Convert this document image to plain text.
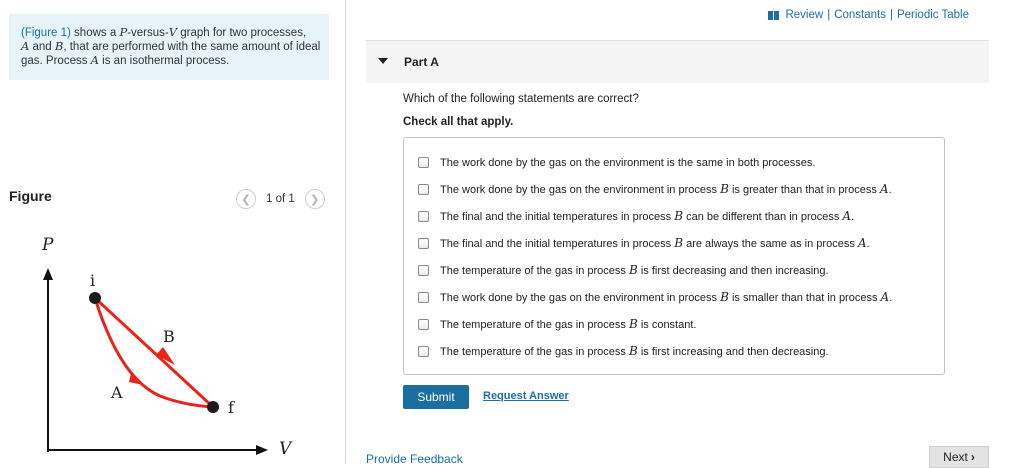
(Figure 1) shows a P-versus-V graph for two processes,
A and B, that are performed with the same amount of ideal gas. Process A is an isothermal process.
Figure	❮	1 of 1	❯
P
V
i
f
B
A
Review | Constants | Periodic Table
Part A
Which of the following statements are correct?
Check all that apply.
The work done by the gas on the environment is the same in both processes.
The work done by the gas on the environment in process B is greater than that in process A.
The final and the initial temperatures in process B can be different than in process A.
The final and the initial temperatures in process B are always the same as in process A.
The temperature of the gas in process B is first decreasing and then increasing.
The work done by the gas on the environment in process B is smaller than that in process A.
The temperature of the gas in process B is constant.
The temperature of the gas in process B is first increasing and then decreasing.
Submit	Request Answer
Provide Feedback	Next ›
